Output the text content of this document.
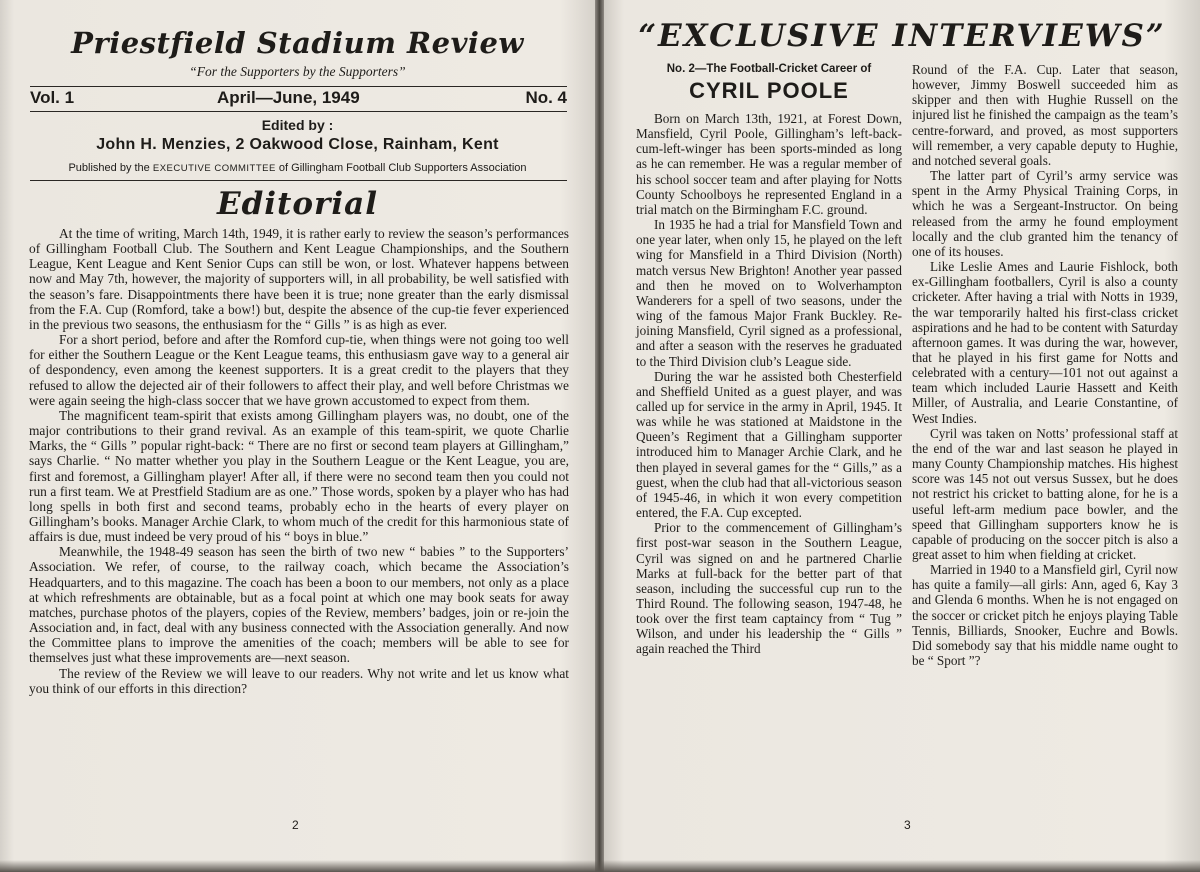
Priestfield Stadium Review
“For the Supporters by the Supporters”
Vol. 1	April—June, 1949	No. 4
Edited by :
John H. Menzies, 2 Oakwood Close, Rainham, Kent
Published by the EXECUTIVE COMMITTEE of Gillingham Football Club Supporters Association
Editorial

At the time of writing, March 14th, 1949, it is rather early to review the season’s performances of Gillingham Football Club. The Southern and Kent League Championships, and the Southern League, Kent League and Kent Senior Cups can still be won, or lost. Whatever happens between now and May 7th, however, the majority of supporters will, in all probability, be well satisfied with the season’s fare. Disappointments there have been it is true; none greater than the early dismissal from the F.A. Cup (Romford, take a bow!) but, despite the absence of the cup-tie fever experienced in the previous two seasons, the enthusiasm for the “ Gills ” is as high as ever.

For a short period, before and after the Romford cup-tie, when things were not going too well for either the Southern League or the Kent League teams, this enthusiasm gave way to a general air of despondency, even among the keenest supporters. It is a great credit to the players that they refused to allow the dejected air of their followers to affect their play, and well before Christmas we were again seeing the high-class soccer that we have grown accustomed to expect from them.

The magnificent team-spirit that exists among Gillingham players was, no doubt, one of the major contributions to their grand revival. As an example of this team-spirit, we quote Charlie Marks, the “ Gills ” popular right-back: “ There are no first or second team players at Gillingham,” says Charlie. “ No matter whether you play in the Southern League or the Kent League, you are, first and foremost, a Gillingham player! After all, if there were no second team then you could not run a first team. We at Prestfield Stadium are as one.” Those words, spoken by a player who has had long spells in both first and second teams, probably echo in the hearts of every player on Gillingham’s books. Manager Archie Clark, to whom much of the credit for this harmonious state of affairs is due, must indeed be very proud of his “ boys in blue.”

Meanwhile, the 1948-49 season has seen the birth of two new “ babies ” to the Supporters’ Association. We refer, of course, to the railway coach, which became the Association’s Headquarters, and to this magazine. The coach has been a boon to our members, not only as a place at which refreshments are obtainable, but as a focal point at which one may book seats for away matches, purchase photos of the players, copies of the Review, members’ badges, join or re-join the Association and, in fact, deal with any business connected with the Association generally. And now the Committee plans to improve the amenities of the coach; members will be able to see for themselves just what these improvements are—next season.

The review of the Review we will leave to our readers. Why not write and let us know what you think of our efforts in this direction?

2
“EXCLUSIVE INTERVIEWS”
No. 2—The Football-Cricket Career of
CYRIL POOLE

Born on March 13th, 1921, at Forest Down, Mansfield, Cyril Poole, Gillingham’s left-back-cum-left-winger has been sports-minded as long as he can remember. He was a regular member of his school soccer team and after playing for Notts County Schoolboys he represented England in a trial match on the Birmingham F.C. ground.

In 1935 he had a trial for Mansfield Town and one year later, when only 15, he played on the left wing for Mansfield in a Third Division (North) match versus New Brighton! Another year passed and then he moved on to Wolverhampton Wanderers for a spell of two seasons, under the wing of the famous Major Frank Buckley. Re-joining Mansfield, Cyril signed as a professional, and after a season with the reserves he graduated to the Third Division club’s League side.

During the war he assisted both Chesterfield and Sheffield United as a guest player, and was called up for service in the army in April, 1945. It was while he was stationed at Maidstone in the Queen’s Regiment that a Gillingham supporter introduced him to Manager Archie Clark, and he then played in several games for the “ Gills,” as a guest, when the club had that all-victorious season of 1945-46, in which it won every competition entered, the F.A. Cup excepted.

Prior to the commencement of Gillingham’s first post-war season in the Southern League, Cyril was signed on and he partnered Charlie Marks at full-back for the better part of that season, including the successful cup run to the Third Round. The following season, 1947-48, he took over the first team captaincy from “ Tug ” Wilson, and under his leadership the “ Gills ” again reached the Third

Round of the F.A. Cup. Later that season, however, Jimmy Boswell succeeded him as skipper and then with Hughie Russell on the injured list he finished the campaign as the team’s centre-forward, and proved, as most supporters will remember, a very capable deputy to Hughie, and notched several goals.

The latter part of Cyril’s army service was spent in the Army Physical Training Corps, in which he was a Sergeant-Instructor. On being released from the army he found employment locally and the club granted him the tenancy of one of its houses.

Like Leslie Ames and Laurie Fishlock, both ex-Gillingham footballers, Cyril is also a county cricketer. After having a trial with Notts in 1939, the war temporarily halted his first-class cricket aspirations and he had to be content with Saturday afternoon games. It was during the war, however, that he played in his first game for Notts and celebrated with a century—101 not out against a team which included Laurie Hassett and Keith Miller, of Australia, and Learie Constantine, of West Indies.

Cyril was taken on Notts’ professional staff at the end of the war and last season he played in many County Championship matches. His highest score was 145 not out versus Sussex, but he does not restrict his cricket to batting alone, for he is a useful left-arm medium pace bowler, and the speed that Gillingham supporters know he is capable of producing on the soccer pitch is also a great asset to him when fielding at cricket.

Married in 1940 to a Mansfield girl, Cyril now has quite a family—all girls: Ann, aged 6, Kay 3 and Glenda 6 months. When he is not engaged on the soccer or cricket pitch he enjoys playing Table Tennis, Billiards, Snooker, Euchre and Bowls. Did somebody say that his middle name ought to be “ Sport ”?

3
